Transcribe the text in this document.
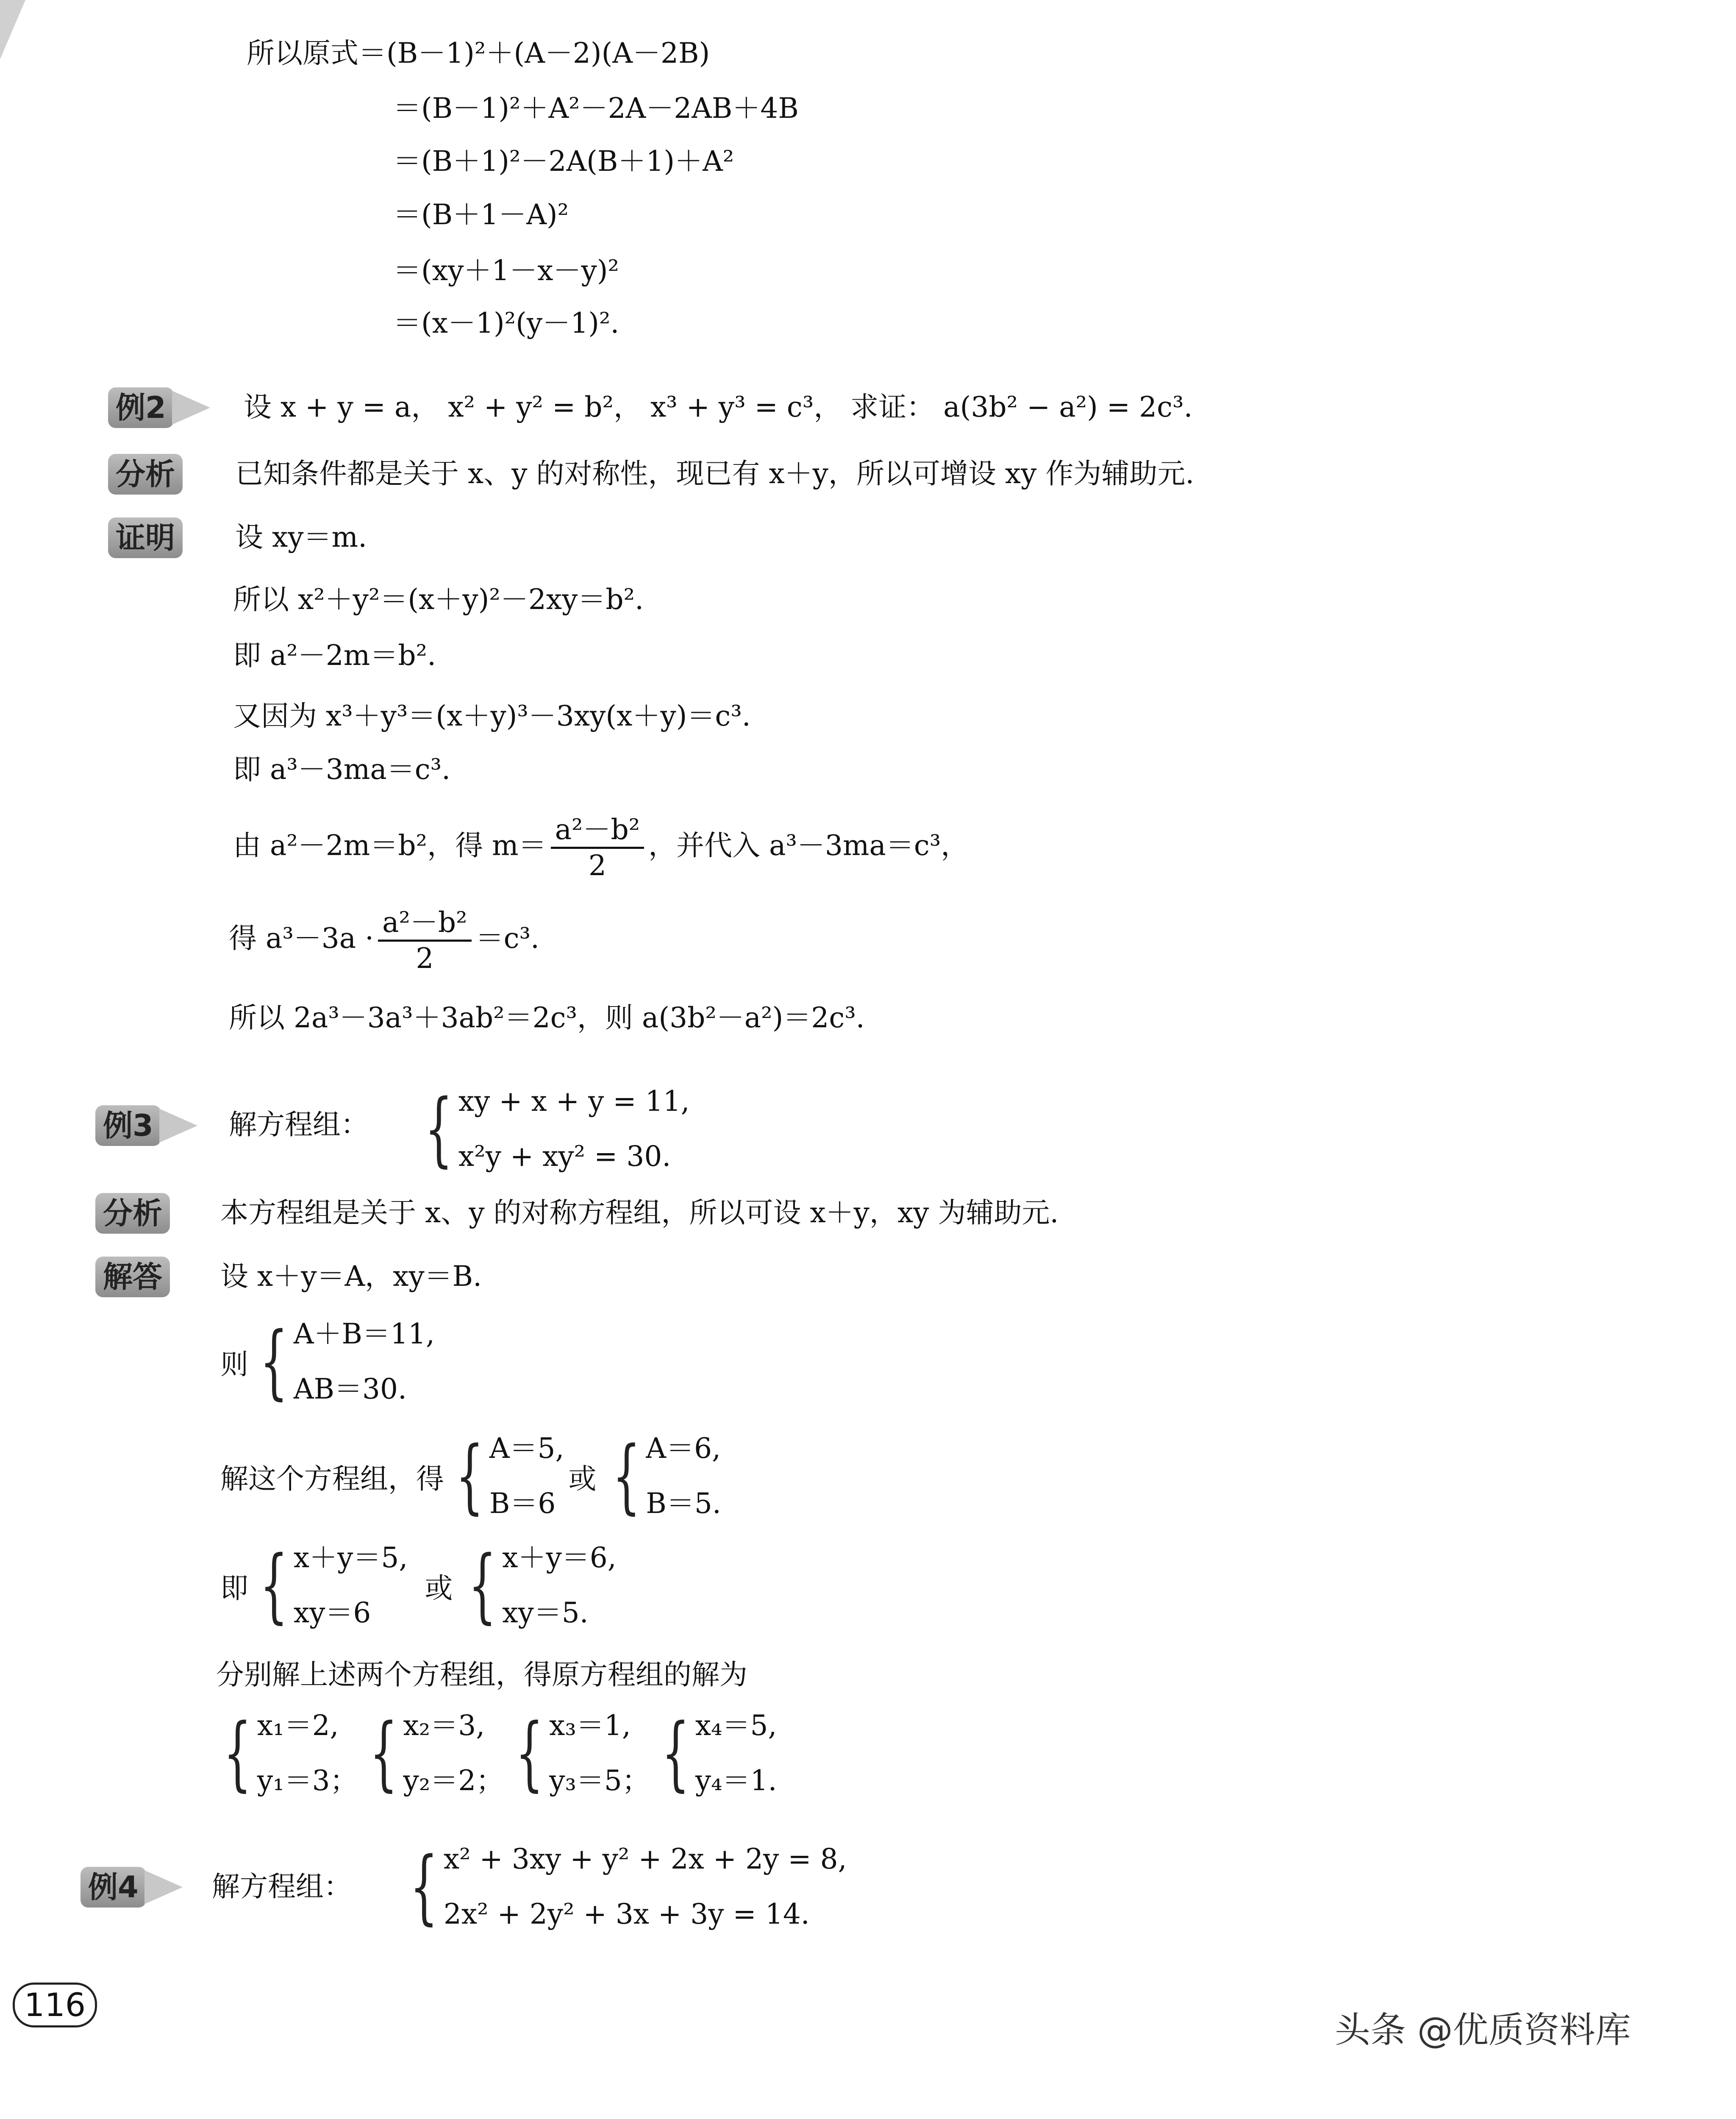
所以原式＝(B－1)²＋(A－2)(A－2B)
＝(B－1)²＋A²－2A－2AB＋4B
＝(B＋1)²－2A(B＋1)＋A²
＝(B＋1－A)²
＝(xy＋1－x－y)²
＝(x－1)²(y－1)².
例2	设 x + y = a， x² + y² = b²， x³ + y³ = c³， 求证： a(3b² − a²) = 2c³.
分析 已知条件都是关于 x、y 的对称性，现已有 x＋y，所以可增设 xy 作为辅助元.
证明 设 xy＝m.
所以 x²＋y²＝(x＋y)²－2xy＝b².
即 a²－2m＝b².
又因为 x³＋y³＝(x＋y)³－3xy(x＋y)＝c³.
即 a³－3ma＝c³.
由 a²－2m＝b²，得 $m= \frac{\text{a²－b²}}{2}$ ，并代入 a³－3ma＝c³，
得 $a^3-3a \cdot \frac{\text{a²－b²}}{2} =c^3$.
所以 2a³－3a³＋3ab²＝2c³，则 a(3b²－a²)＝2c³.
例3	解方程组： { xy + x + y = 11,
x²y + xy² = 30.
分析 本方程组是关于 x、y 的对称方程组，所以可设 x＋y，xy 为辅助元.
解答 设 x＋y＝A，xy＝B.
则 { A＋B＝11,
AB＝30.
解这个方程组，得 { A＝5,
B＝6
或 { A＝6,
B＝5.
即 { x＋y＝5,
xy＝6
或 { x＋y＝6,
xy＝5.
分别解上述两个方程组，得原方程组的解为
{ x₁＝2,
y₁＝3； { x₂＝3,
y₂＝2； { x₃＝1,
y₃＝5； { x₄＝5,
y₄＝1.
例4	解方程组： { x² + 3xy + y² + 2x + 2y = 8,
2x² + 2y² + 3x + 3y = 14.
116
头条 @优质资料库
